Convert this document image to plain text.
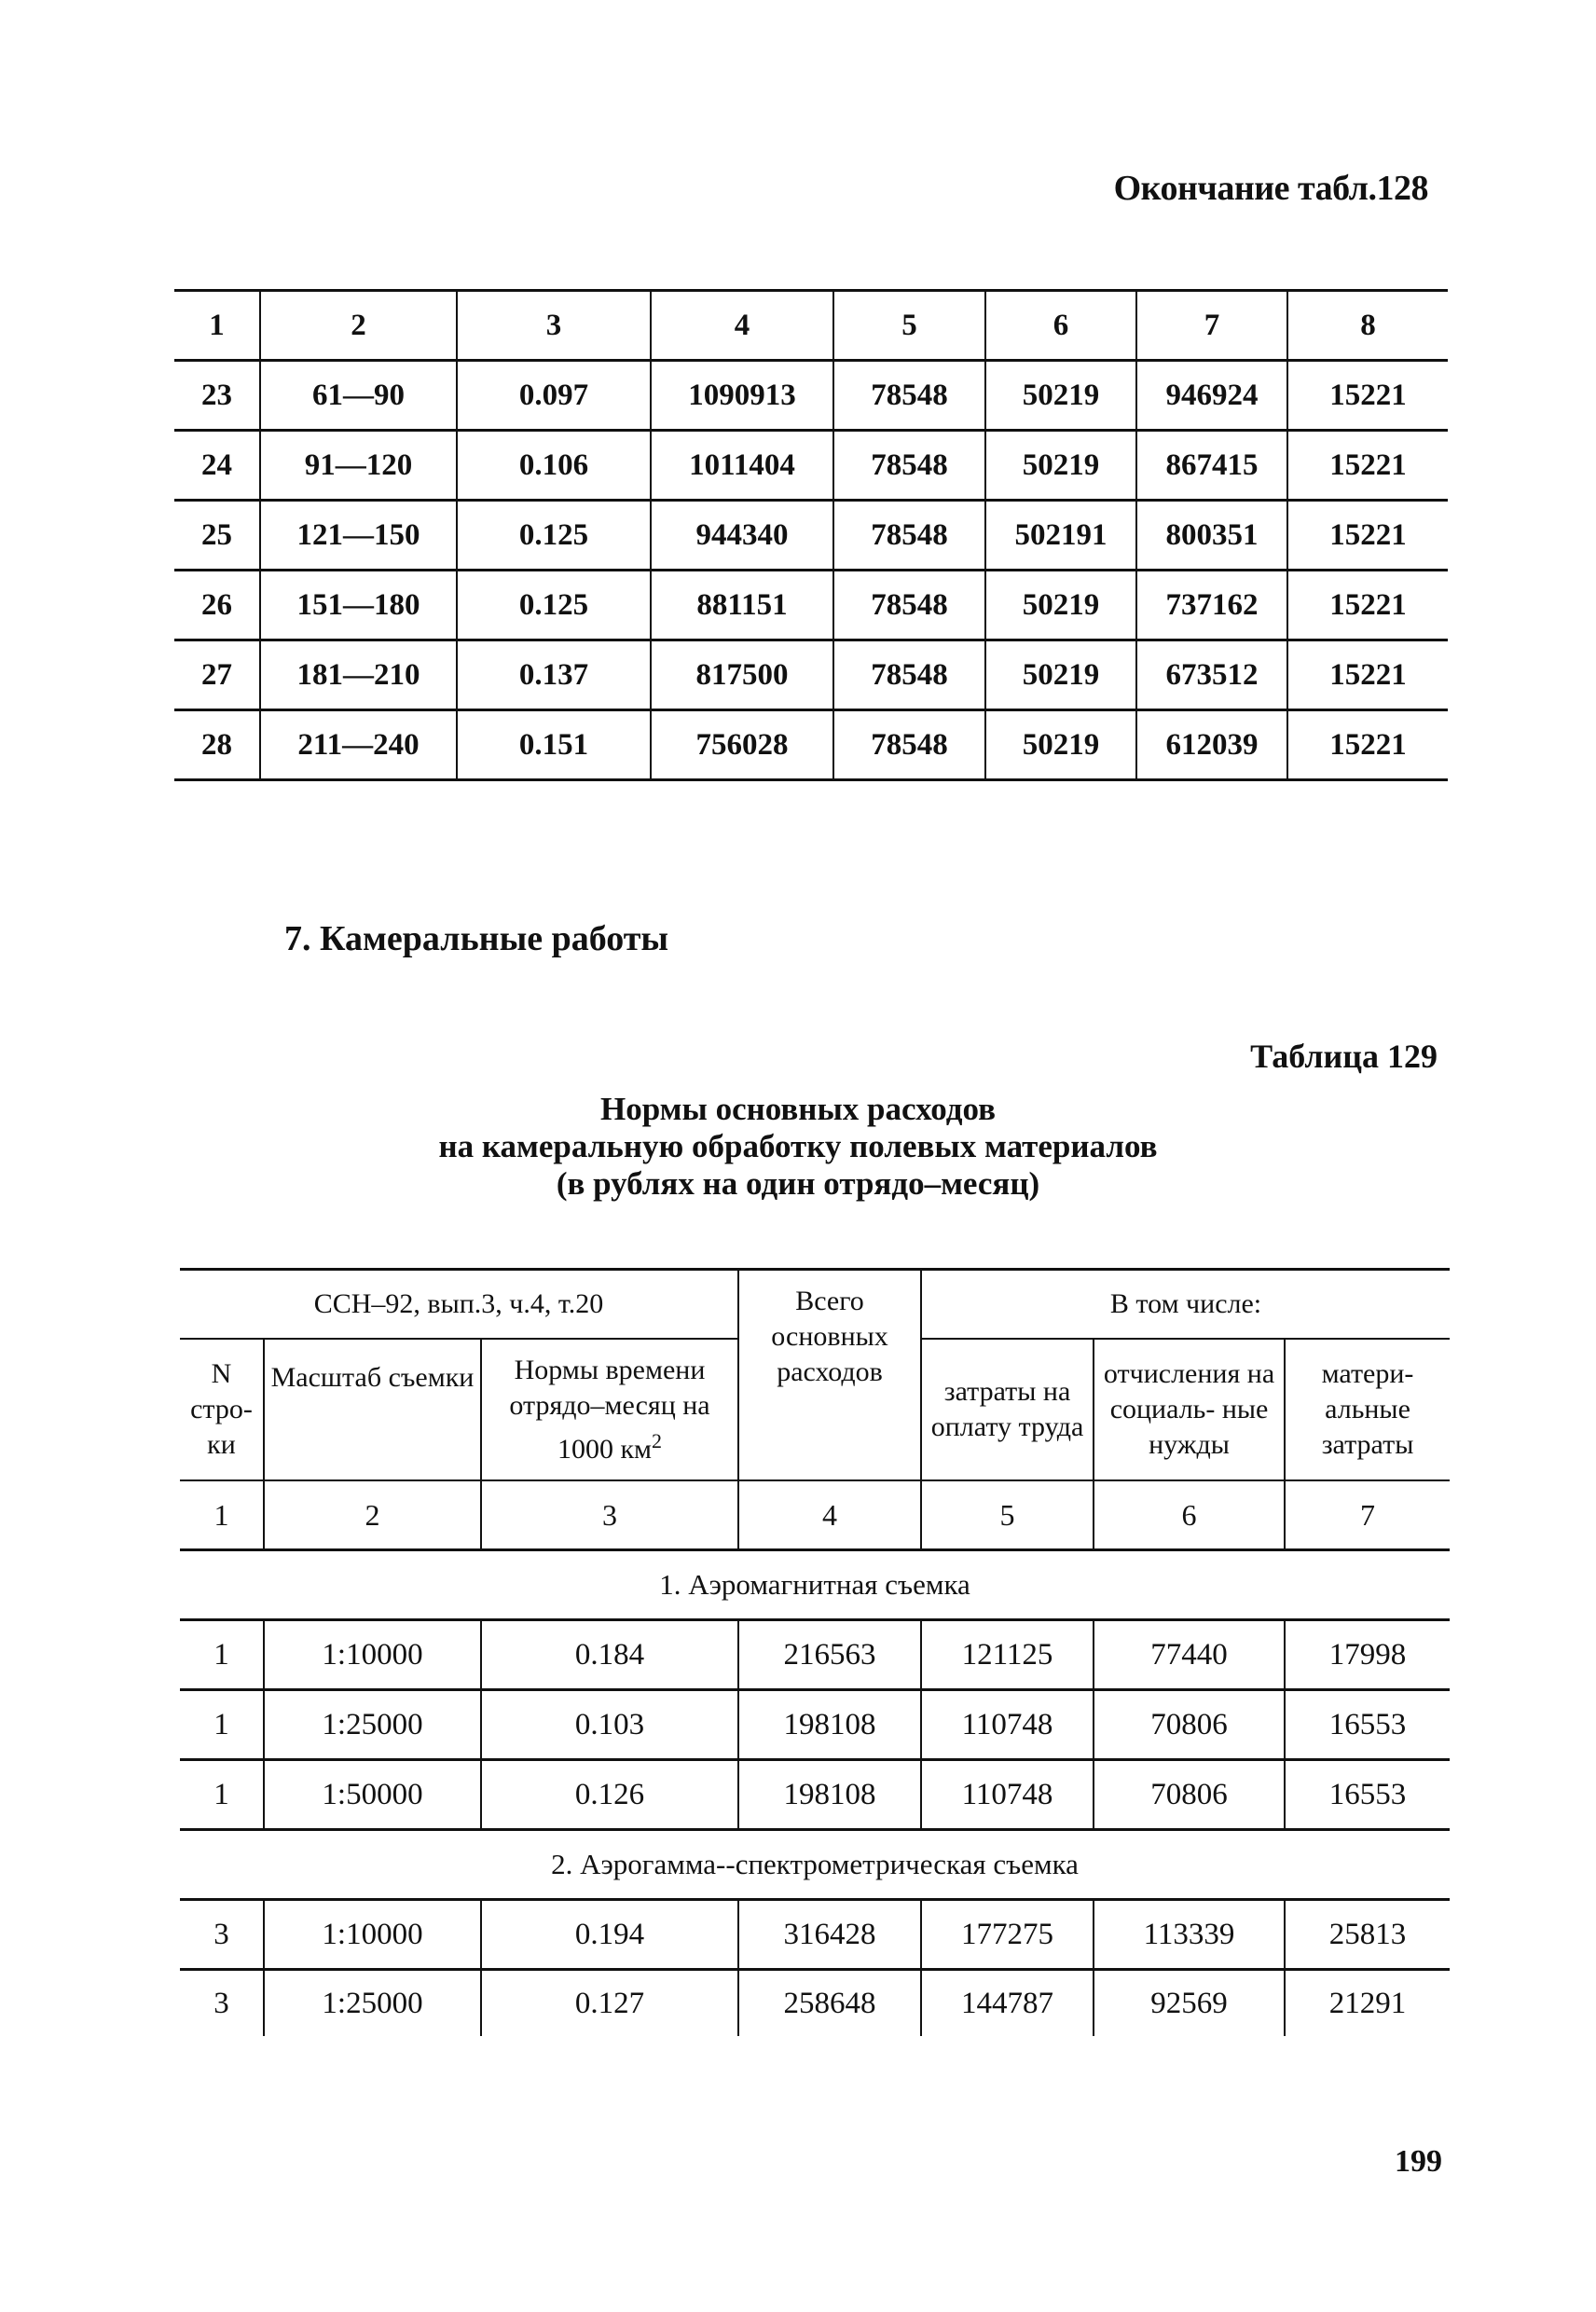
Окончание табл.128
1	2	3	4	5	6	7	8
23	61—90	0.097	1090913	78548	50219	946924	15221
24	91—120	0.106	1011404	78548	50219	867415	15221
25	121—150	0.125	944340	78548	502191	800351	15221
26	151—180	0.125	881151	78548	50219	737162	15221
27	181—210	0.137	817500	78548	50219	673512	15221
28	211—240	0.151	756028	78548	50219	612039	15221
7. Камеральные работы
Таблица 129
Нормы основных расходов
на камеральную обработку полевых материалов
(в рублях на один отрядо–месяц)
ССН–92, вып.3, ч.4, т.20			Всего основных расходов	В том числе:		
N стро- ки	Масштаб съемки	Нормы времени отрядо–месяц на 1000 $км^2$		затраты на оплату труда	отчисления на социаль- ные нужды	матери- альные затраты
1	2	3	4	5	6	7
1. Аэромагнитная съемка						
1	1:10000	0.184	216563	121125	77440	17998
1	1:25000	0.103	198108	110748	70806	16553
1	1:50000	0.126	198108	110748	70806	16553
2. Аэрогамма--спектрометрическая съемка						
3	1:10000	0.194	316428	177275	113339	25813
3	1:25000	0.127	258648	144787	92569	21291
199
